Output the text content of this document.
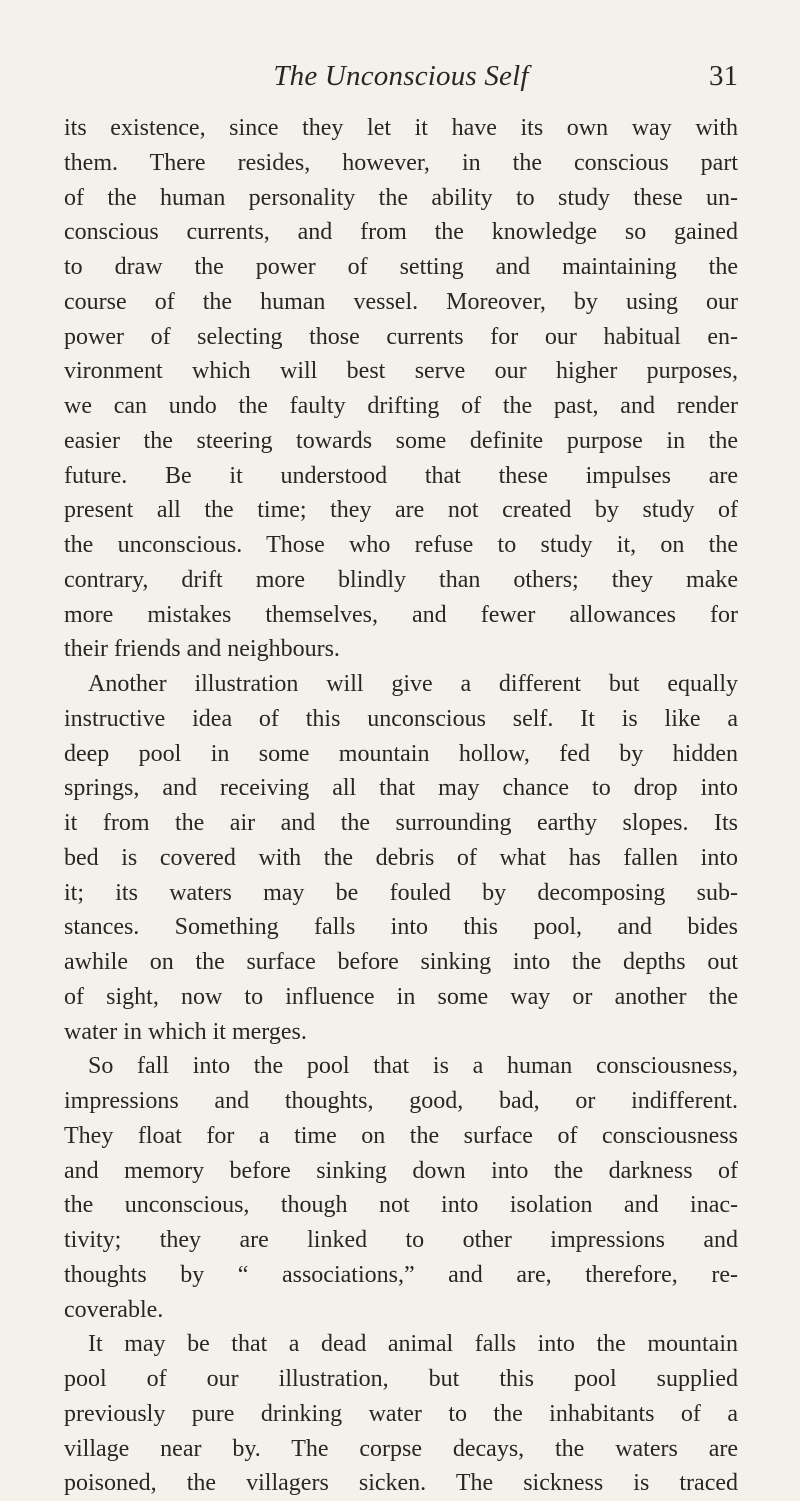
The Unconscious Self	31
its existence, since they let it have its own way with
them. There resides, however, in the conscious part
of the human personality the ability to study these un-
conscious currents, and from the knowledge so gained
to draw the power of setting and maintaining the
course of the human vessel. Moreover, by using our
power of selecting those currents for our habitual en-
vironment which will best serve our higher purposes,
we can undo the faulty drifting of the past, and render
easier the steering towards some definite purpose in the
future. Be it understood that these impulses are
present all the time; they are not created by study of
the unconscious. Those who refuse to study it, on the
contrary, drift more blindly than others; they make
more mistakes themselves, and fewer allowances for
their friends and neighbours.
Another illustration will give a different but equally
instructive idea of this unconscious self. It is like a
deep pool in some mountain hollow, fed by hidden
springs, and receiving all that may chance to drop into
it from the air and the surrounding earthy slopes. Its
bed is covered with the debris of what has fallen into
it; its waters may be fouled by decomposing sub-
stances. Something falls into this pool, and bides
awhile on the surface before sinking into the depths out
of sight, now to influence in some way or another the
water in which it merges.
So fall into the pool that is a human consciousness,
impressions and thoughts, good, bad, or indifferent.
They float for a time on the surface of consciousness
and memory before sinking down into the darkness of
the unconscious, though not into isolation and inac-
tivity; they are linked to other impressions and
thoughts by “ associations,” and are, therefore, re-
coverable.
It may be that a dead animal falls into the mountain
pool of our illustration, but this pool supplied
previously pure drinking water to the inhabitants of a
village near by. The corpse decays, the waters are
poisoned, the villagers sicken. The sickness is traced
